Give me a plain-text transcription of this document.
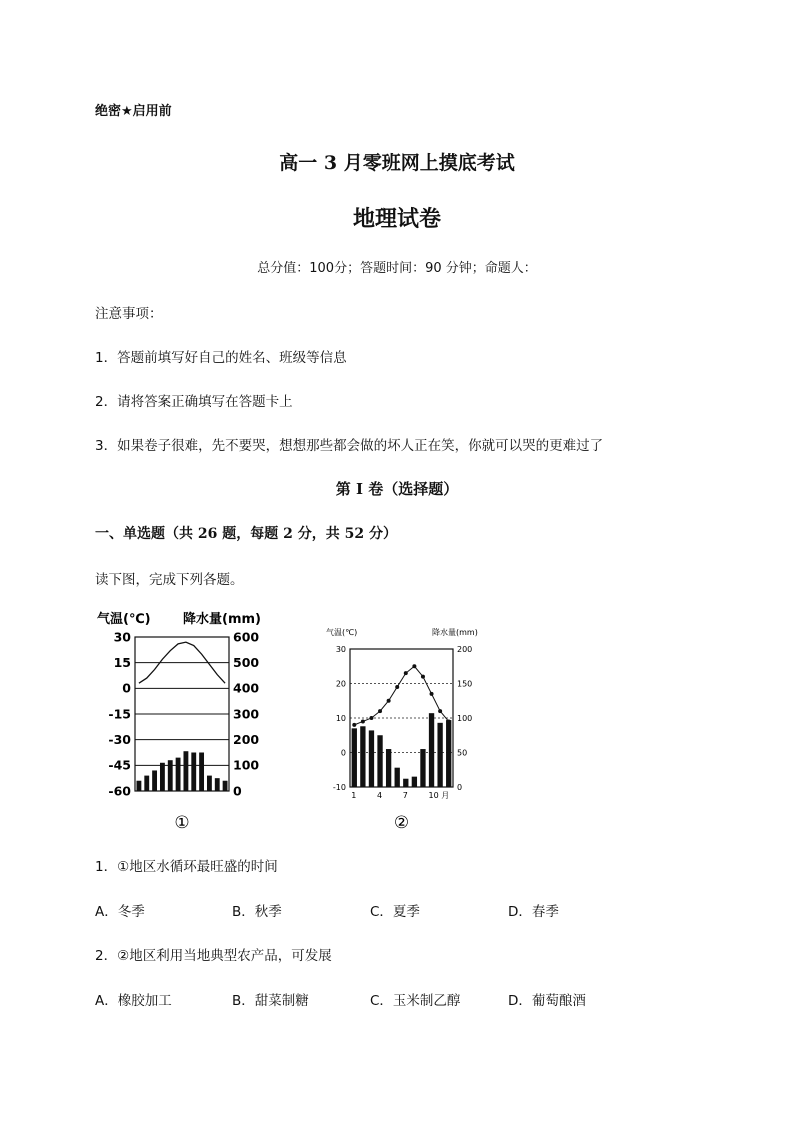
绝密★启用前
高一 3 月零班网上摸底考试
地理试卷
总分值：100分；答题时间：90 分钟；命题人：
注意事项：
1．答题前填写好自己的姓名、班级等信息
2．请将答案正确填写在答题卡上
3．如果卷子很难，先不要哭，想想那些都会做的坏人正在笑，你就可以哭的更难过了
第 I 卷（选择题）
一、单选题（共 26 题，每题 2 分，共 52 分）
读下图，完成下列各题。
气温(℃) 降水量(mm)
30
15
0
-15
-30
-45
-60
600
500
400
300
200
100
0
①
气温(℃)	降水量(mm)
30
20
10
0
-10
200
150
100
50
0
1	4	7	10 月
②
1．①地区水循环最旺盛的时间
A．冬季	B．秋季	C．夏季	D．春季
2．②地区利用当地典型农产品，可发展
A．橡胶加工	B．甜菜制糖	C．玉米制乙醇	D．葡萄酿酒
